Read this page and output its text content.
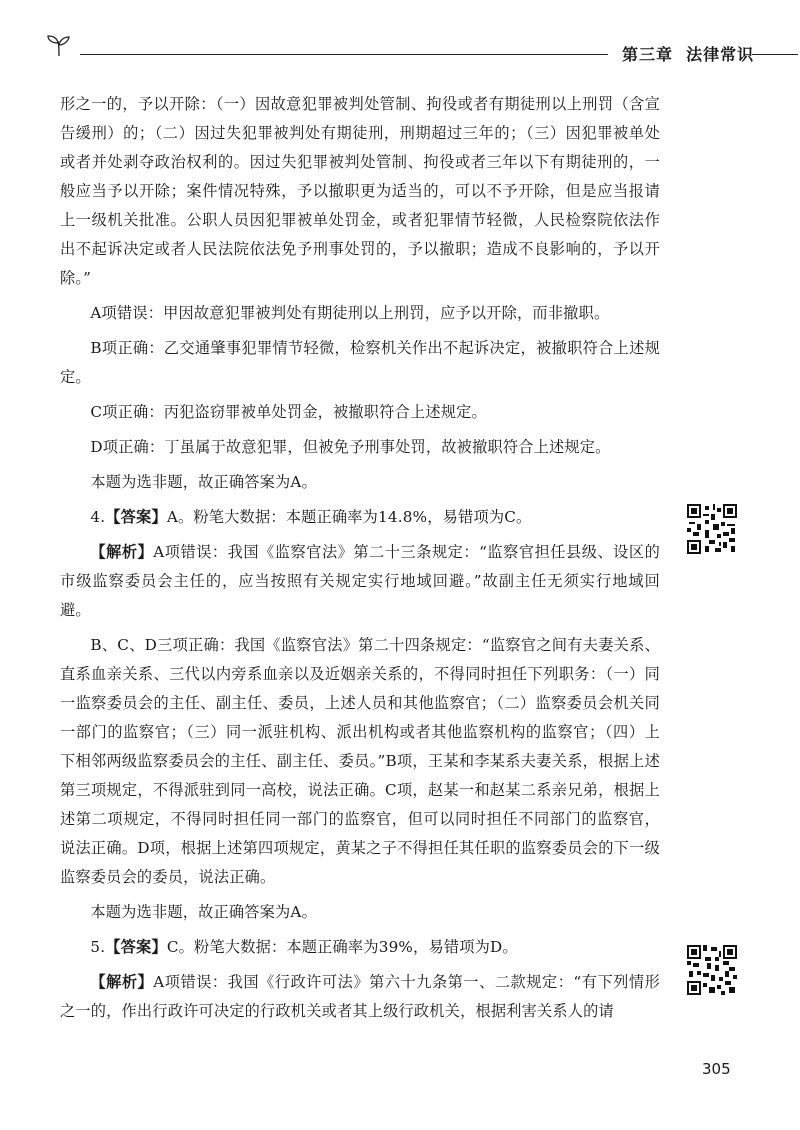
第三章 法律常识

形之一的，予以开除：（一）因故意犯罪被判处管制、拘役或者有期徒刑以上刑罚（含宣告缓刑）的；（二）因过失犯罪被判处有期徒刑，刑期超过三年的；（三）因犯罪被单处或者并处剥夺政治权利的。因过失犯罪被判处管制、拘役或者三年以下有期徒刑的，一般应当予以开除；案件情况特殊，予以撤职更为适当的，可以不予开除，但是应当报请上一级机关批准。公职人员因犯罪被单处罚金，或者犯罪情节轻微，人民检察院依法作出不起诉决定或者人民法院依法免予刑事处罚的，予以撤职；造成不良影响的，予以开除。”

A项错误：甲因故意犯罪被判处有期徒刑以上刑罚，应予以开除，而非撤职。

B项正确：乙交通肇事犯罪情节轻微，检察机关作出不起诉决定，被撤职符合上述规定。

C项正确：丙犯盗窃罪被单处罚金，被撤职符合上述规定。

D项正确：丁虽属于故意犯罪，但被免予刑事处罚，故被撤职符合上述规定。

本题为选非题，故正确答案为A。

4.【答案】A。粉笔大数据：本题正确率为14.8%，易错项为C。

【解析】A项错误：我国《监察官法》第二十三条规定：“监察官担任县级、设区的市级监察委员会主任的，应当按照有关规定实行地域回避。”故副主任无须实行地域回避。

B、C、D三项正确：我国《监察官法》第二十四条规定：“监察官之间有夫妻关系、直系血亲关系、三代以内旁系血亲以及近姻亲关系的，不得同时担任下列职务：（一）同一监察委员会的主任、副主任、委员，上述人员和其他监察官；（二）监察委员会机关同一部门的监察官；（三）同一派驻机构、派出机构或者其他监察机构的监察官；（四）上下相邻两级监察委员会的主任、副主任、委员。”B项，王某和李某系夫妻关系，根据上述第三项规定，不得派驻到同一高校，说法正确。C项，赵某一和赵某二系亲兄弟，根据上述第二项规定，不得同时担任同一部门的监察官，但可以同时担任不同部门的监察官，说法正确。D项，根据上述第四项规定，黄某之子不得担任其任职的监察委员会的下一级监察委员会的委员，说法正确。

本题为选非题，故正确答案为A。

5.【答案】C。粉笔大数据：本题正确率为39%，易错项为D。

【解析】A项错误：我国《行政许可法》第六十九条第一、二款规定：“有下列情形之一的，作出行政许可决定的行政机关或者其上级行政机关，根据利害关系人的请

305
